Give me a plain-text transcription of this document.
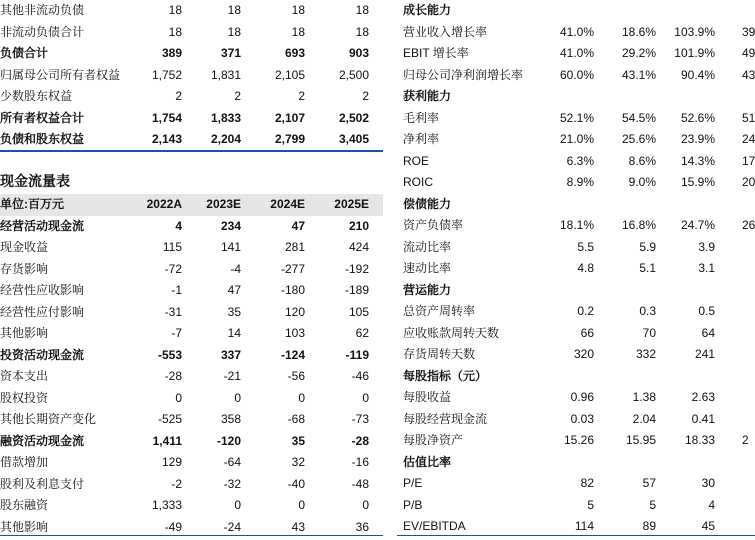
其他非流动负债	18	18	18	18
非流动负债合计	18	18	18	18
负债合计	389	371	693	903
归属母公司所有者权益	1,752 1,831	2,105	2,500
少数股东权益	2	2	2	2
所有者权益合计	1,754 1,833	2,107	2,502
负债和股东权益	2,143 2,204	2,799	3,405
现金流量表
单位:百万元	2022A 2023E 2024E 2025E
经营活动现金流	4	234	47	210
现金收益	115	141	281	424
存货影响	-72	-4	-277	-192
经营性应收影响	-1	47	-180	-189
经营性应付影响	-31	35	120	105
其他影响	-7	14	103	62
投资活动现金流	-553	337	-124	-119
资本支出	-28	-21	-56	-46
股权投资	0	0	0	0
其他长期资产变化	-525	358	-68	-73
融资活动现金流	1,411	-120	35	-28
借款增加	129	-64	32	-16
股利及利息支付	-2	-32	-40	-48
股东融资	1,333	0	0	0
其他影响	-49	-24	43	36
成长能力
营业收入增长率	41.0%	18.6%	103.9% 39
EBIT 增长率	41.0%	29.2%	101.9% 49
归母公司净利润增长率	60.0%	43.1%	90.4% 43
获利能力
毛利率	52.1%	54.5%	52.6% 51
净利率	21.0%	25.6%	23.9% 24
ROE	6.3%	8.6%	14.3% 17
ROIC	8.9%	9.0%	15.9% 20
偿债能力
资产负债率	18.1%	16.8%	24.7% 26
流动比率	5.5	5.9	3.9
速动比率	4.8	5.1	3.1
营运能力
总资产周转率	0.2	0.3	0.5
应收账款周转天数	66	70	64
存货周转天数	320	332	241
每股指标（元）
每股收益	0.96	1.38	2.63
每股经营现金流	0.03	2.04	0.41
每股净资产	15.26	15.95	18.33 2
估值比率
P/E	82	57	30
P/B	5	5	4
EV/EBITDA	114	89	45
